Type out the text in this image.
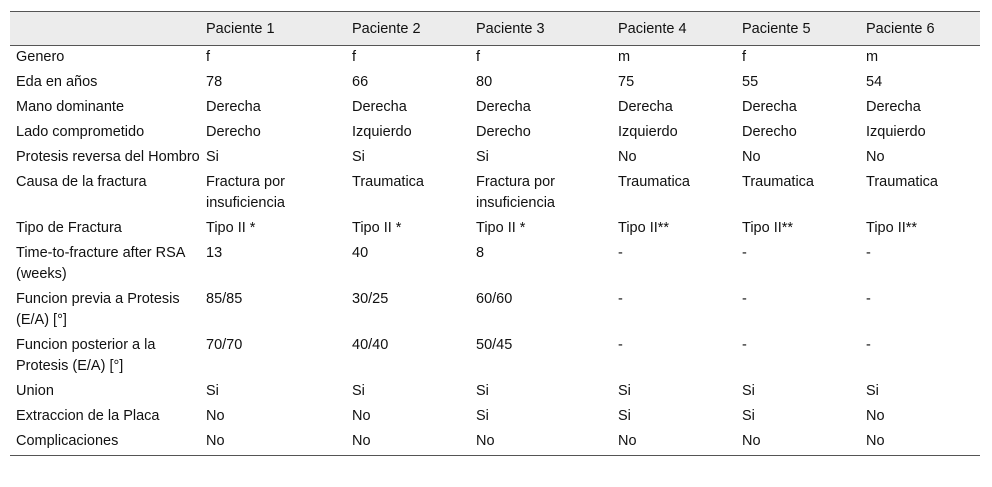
	Paciente 1	Paciente 2	Paciente 3	Paciente 4	Paciente 5	Paciente 6
Genero	f	f	f	m	f	m
Eda en años	78	66	80	75	55	54
Mano dominante	Derecha	Derecha	Derecha	Derecha	Derecha	Derecha
Lado comprometido	Derecho	Izquierdo	Derecho	Izquierdo	Derecho	Izquierdo
Protesis reversa del Hombro	Si	Si	Si	No	No	No
Causa de la fractura	Fractura por insuficiencia	Traumatica	Fractura por insuficiencia	Traumatica	Traumatica	Traumatica
Tipo de Fractura	Tipo II *	Tipo II *	Tipo II *	Tipo II**	Tipo II**	Tipo II**
Time-to-fracture after RSA (weeks)	13	40	8	-	-	-
Funcion previa a Protesis (E/A) [°]	85/85	30/25	60/60	-	-	-
Funcion posterior a la Protesis (E/A) [°]	70/70	40/40	50/45	-	-	-
Union	Si	Si	Si	Si	Si	Si
Extraccion de la Placa	No	No	Si	Si	Si	No
Complicaciones	No	No	No	No	No	No
